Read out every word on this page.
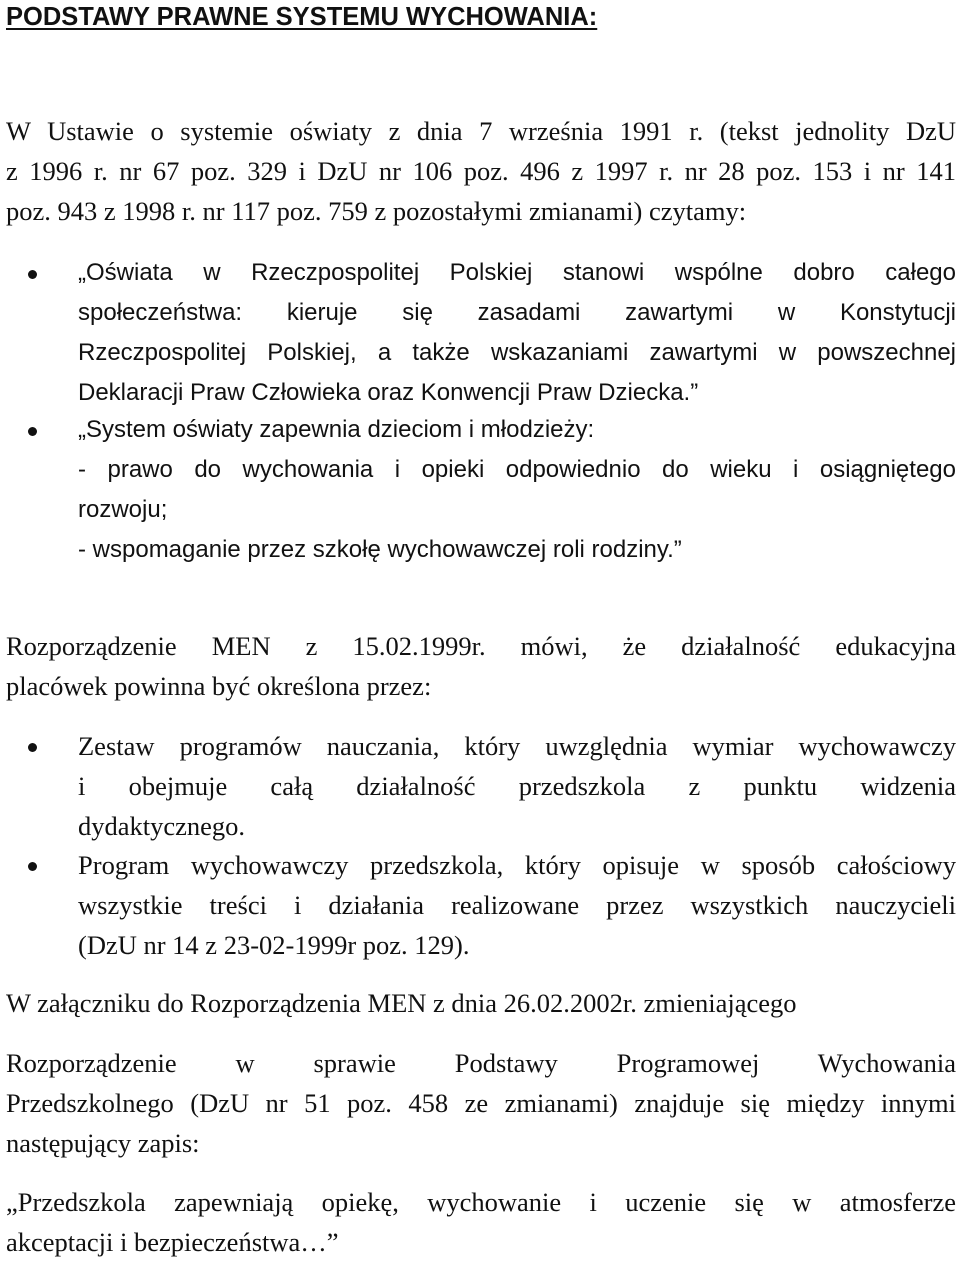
PODSTAWY PRAWNE SYSTEMU WYCHOWANIA:
W Ustawie o systemie oświaty z dnia 7 września 1991 r. (tekst jednolity DzU
z 1996 r. nr 67 poz. 329 i DzU nr 106 poz. 496 z 1997 r. nr 28 poz. 153 i nr 141
poz. 943 z 1998 r. nr 117 poz. 759 z pozostałymi zmianami) czytamy:
„Oświata w Rzeczpospolitej Polskiej stanowi wspólne dobro całego
społeczeństwa: kieruje się zasadami zawartymi w Konstytucji
Rzeczpospolitej Polskiej, a także wskazaniami zawartymi w powszechnej
Deklaracji Praw Człowieka oraz Konwencji Praw Dziecka.”
„System oświaty zapewnia dzieciom i młodzieży:
- prawo do wychowania i opieki odpowiednio do wieku i osiągniętego
rozwoju;
- wspomaganie przez szkołę wychowawczej roli rodziny.”
Rozporządzenie MEN z 15.02.1999r. mówi, że działalność edukacyjna
placówek powinna być określona przez:
Zestaw programów nauczania, który uwzględnia wymiar wychowawczy
i obejmuje całą działalność przedszkola z punktu widzenia
dydaktycznego.
Program wychowawczy przedszkola, który opisuje w sposób całościowy
wszystkie treści i działania realizowane przez wszystkich nauczycieli
(DzU nr 14 z 23-02-1999r poz. 129).
W załączniku do Rozporządzenia MEN z dnia 26.02.2002r. zmieniającego
Rozporządzenie w sprawie Podstawy Programowej Wychowania
Przedszkolnego (DzU nr 51 poz. 458 ze zmianami) znajduje się między innymi
następujący zapis:
„Przedszkola zapewniają opiekę, wychowanie i uczenie się w atmosferze
akceptacji i bezpieczeństwa…”
